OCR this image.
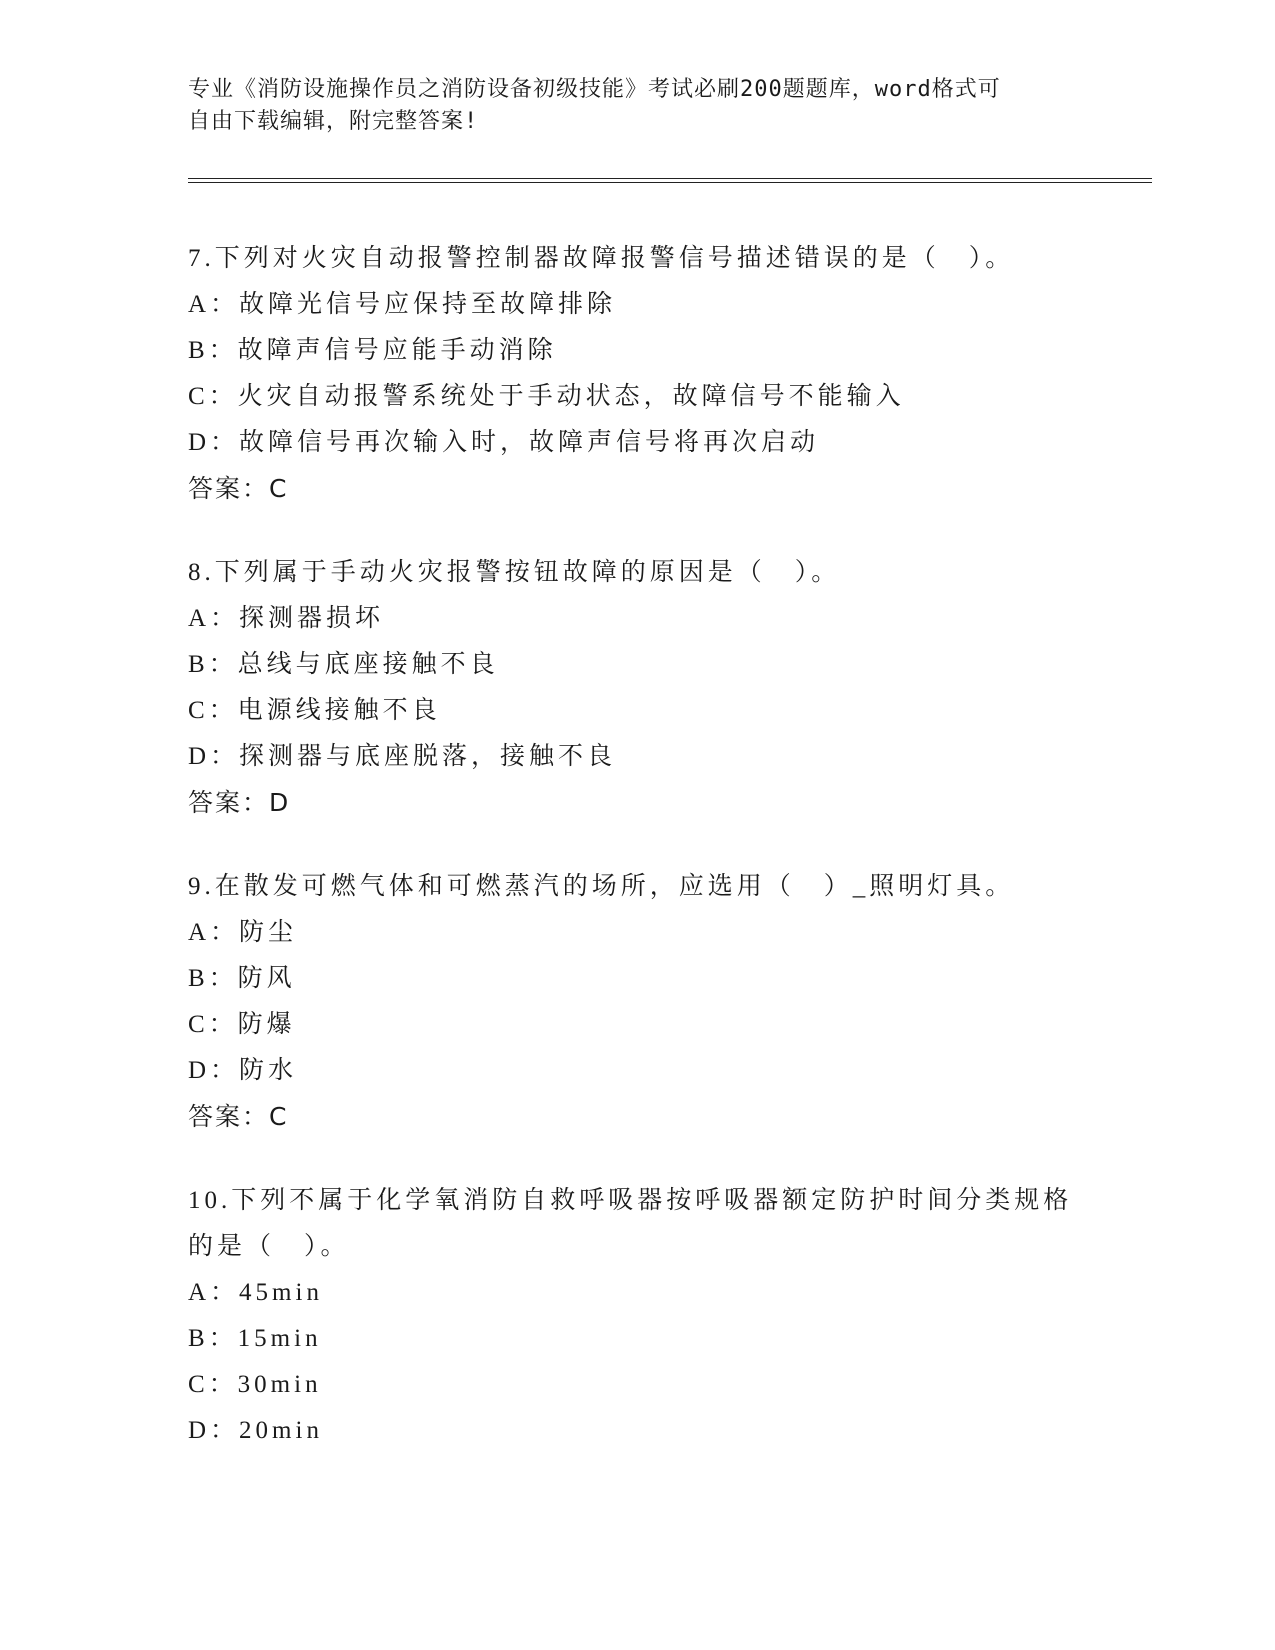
专业《消防设施操作员之消防设备初级技能》考试必刷200题题库，word格式可
自由下载编辑，附完整答案!
7.下列对火灾自动报警控制器故障报警信号描述错误的是（　）。
A：故障光信号应保持至故障排除
B：故障声信号应能手动消除
C：火灾自动报警系统处于手动状态，故障信号不能输入
D：故障信号再次输入时，故障声信号将再次启动
答案：C
8.下列属于手动火灾报警按钮故障的原因是（　）。
A：探测器损坏
B：总线与底座接触不良
C：电源线接触不良
D：探测器与底座脱落，接触不良
答案：D
9.在散发可燃气体和可燃蒸汽的场所，应选用（　）_照明灯具。
A：防尘
B：防风
C：防爆
D：防水
答案：C
10.下列不属于化学氧消防自救呼吸器按呼吸器额定防护时间分类规格
的是（　）。
A：45min
B：15min
C：30min
D：20min
